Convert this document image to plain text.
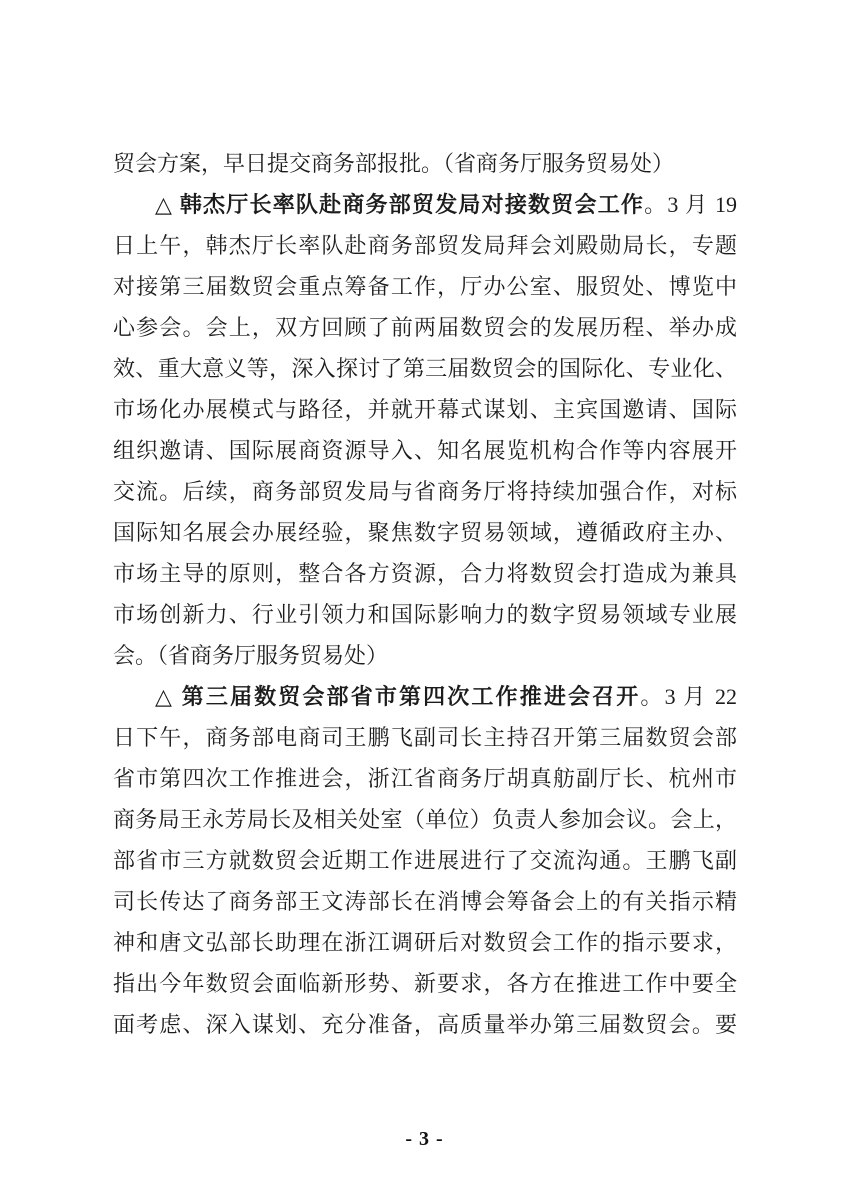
贸会方案，早日提交商务部报批。（省商务厅服务贸易处）
△ 韩杰厅长率队赴商务部贸发局对接数贸会工作。3 月 19
日上午，韩杰厅长率队赴商务部贸发局拜会刘殿勋局长，专题
对接第三届数贸会重点筹备工作，厅办公室、服贸处、博览中
心参会。会上，双方回顾了前两届数贸会的发展历程、举办成
效、重大意义等，深入探讨了第三届数贸会的国际化、专业化、
市场化办展模式与路径，并就开幕式谋划、主宾国邀请、国际
组织邀请、国际展商资源导入、知名展览机构合作等内容展开
交流。后续，商务部贸发局与省商务厅将持续加强合作，对标
国际知名展会办展经验，聚焦数字贸易领域，遵循政府主办、
市场主导的原则，整合各方资源，合力将数贸会打造成为兼具
市场创新力、行业引领力和国际影响力的数字贸易领域专业展
会。（省商务厅服务贸易处）
△ 第三届数贸会部省市第四次工作推进会召开。3 月 22
日下午，商务部电商司王鹏飞副司长主持召开第三届数贸会部
省市第四次工作推进会，浙江省商务厅胡真舫副厅长、杭州市
商务局王永芳局长及相关处室（单位）负责人参加会议。会上，
部省市三方就数贸会近期工作进展进行了交流沟通。王鹏飞副
司长传达了商务部王文涛部长在消博会筹备会上的有关指示精
神和唐文弘部长助理在浙江调研后对数贸会工作的指示要求，
指出今年数贸会面临新形势、新要求，各方在推进工作中要全
面考虑、深入谋划、充分准备，高质量举办第三届数贸会。要
- 3 -
